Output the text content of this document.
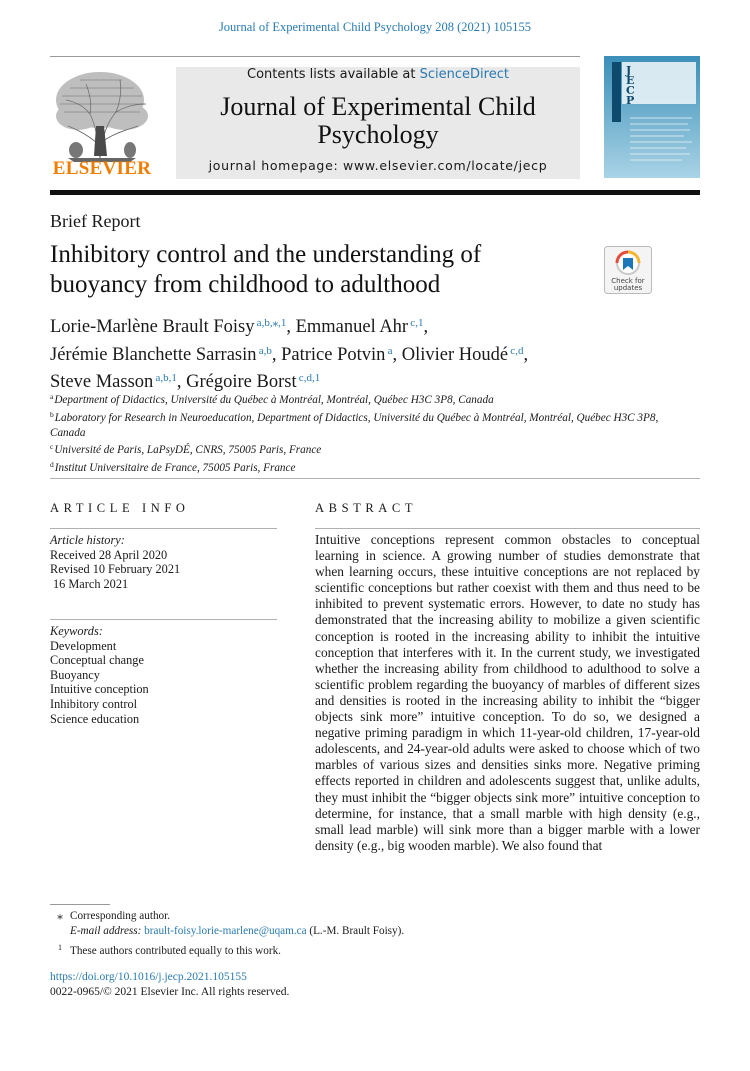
Journal of Experimental Child Psychology 208 (2021) 105155
ELSEVIER
Contents lists available at ScienceDirect
Journal of Experimental Child Psychology
journal homepage: www.elsevier.com/locate/jecp
J
E
C
P
Brief Report
Inhibitory control and the understanding of buoyancy from childhood to adulthood	Check for
updates
Lorie-Marlène Brault Foisy $^{a,b,⁎,1}$, Emmanuel Ahr $^{c,1}$,
Jérémie Blanchette Sarrasin $^{a,b}$, Patrice Potvin $^a$, Olivier Houdé $^{c,d}$,
Steve Masson $^{a,b,1}$, Grégoire Borst $^{c,d,1}$
$^a$Department of Didactics, Université du Québec à Montréal, Montréal, Québec H3C 3P8, Canada
$^b$Laboratory for Research in Neuroeducation, Department of Didactics, Université du Québec à Montréal, Montréal, Québec H3C 3P8, Canada
$^c$Université de Paris, LaPsyDÉ, CNRS, 75005 Paris, France
$^d$Institut Universitaire de France, 75005 Paris, France
ARTICLE INFO	ABSTRACT
Article history:
Received 28 April 2020
Revised 10 February 2021
16 March 2021
Keywords:
Development
Conceptual change
Buoyancy
Intuitive conception
Inhibitory control
Science education
Intuitive conceptions represent common obstacles to conceptual learning in science. A growing number of studies demonstrate that when learning occurs, these intuitive conceptions are not replaced by scientific conceptions but rather coexist with them and thus need to be inhibited to prevent systematic errors. However, to date no study has demonstrated that the increasing ability to mobilize a given scientific conception is rooted in the increasing ability to inhibit the intuitive conception that interferes with it. In the current study, we investigated whether the increasing ability from childhood to adulthood to solve a scientific problem regarding the buoyancy of marbles of different sizes and densities is rooted in the increasing ability to inhibit the “bigger objects sink more” intuitive conception. To do so, we designed a negative priming paradigm in which 11-year-old children, 17-year-old adolescents, and 24-year-old adults were asked to choose which of two marbles of various sizes and densities sinks more. Negative priming effects reported in children and adolescents suggest that, unlike adults, they must inhibit the “bigger objects sink more” intuitive conception to determine, for instance, that a small marble with high density (e.g., small lead marble) will sink more than a bigger marble with a lower density (e.g., big wooden marble). We also found that
⁎ Corresponding author.
E-mail address: brault-foisy.lorie-marlene@uqam.ca (L.-M. Brault Foisy).
1 These authors contributed equally to this work.
https://doi.org/10.1016/j.jecp.2021.105155
0022-0965/© 2021 Elsevier Inc. All rights reserved.
